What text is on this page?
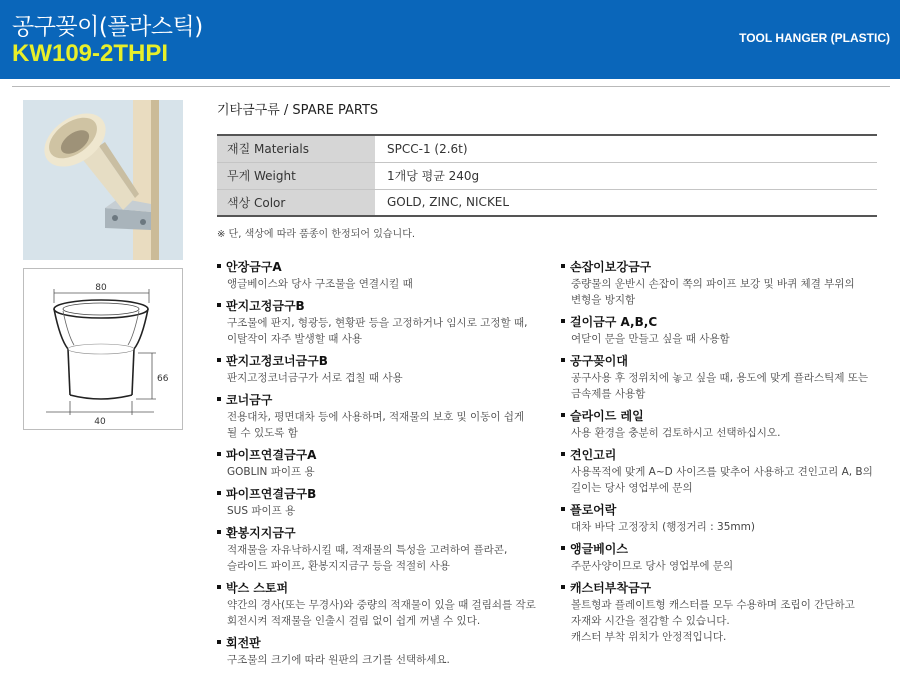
공구꽂이(플라스틱)
KW109-2THPI
TOOL HANGER (PLASTIC)
80
66
40
기타금구류 / SPARE PARTS
재질 Materials	SPCC-1 (2.6t)
무게 Weight	1개당 평균 240g
색상 Color	GOLD, ZINC, NICKEL
※ 단, 색상에 따라 품종이 한정되어 있습니다.
안장금구A
앵글베이스와 당사 구조물을 연결시킬 때
판지고정금구B
구조물에 판지, 형광등, 현황판 등을 고정하거나 임시로 고정할 때,
이탈작이 자주 발생할 때 사용
판지고정코너금구B
판지고정코너금구가 서로 겹칠 때 사용
코너금구
전용대차, 평면대차 등에 사용하며, 적재물의 보호 및 이동이 쉽게
될 수 있도록 함
파이프연결금구A
GOBLIN 파이프 용
파이프연결금구B
SUS 파이프 용
환봉지지금구
적재물을 자유낙하시킬 때, 적재물의 특성을 고려하여 플라콘,
슬라이드 파이프, 환봉지지금구 등을 적절히 사용
박스 스토퍼
약간의 경사(또는 무경사)와 중량의 적재물이 있을 때 걸림쇠를 작로
회전시켜 적재물을 인출시 걸림 없이 쉽게 꺼낼 수 있다.
회전판
구조물의 크기에 따라 원판의 크기를 선택하세요.
손잡이보강금구
중량물의 운반시 손잡이 쪽의 파이프 보강 및 바퀴 체결 부위의
변형을 방지함
걸이금구 A,B,C
여닫이 문을 만들고 싶을 때 사용함
공구꽂이대
공구사용 후 정위치에 놓고 싶을 때, 용도에 맞게 플라스틱제 또는
금속제를 사용함
슬라이드 레일
사용 환경을 충분히 검토하시고 선택하십시오.
견인고리
사용목적에 맞게 A~D 사이즈를 맞추어 사용하고 견인고리 A, B의
길이는 당사 영업부에 문의
플로어락
대차 바닥 고정장치 (행정거리 : 35mm)
앵글베이스
주문사양이므로 당사 영업부에 문의
캐스터부착금구
볼트형과 플레이트형 캐스터를 모두 수용하며 조립이 간단하고
자재와 시간을 절감할 수 있습니다.
캐스터 부착 위치가 안정적입니다.
